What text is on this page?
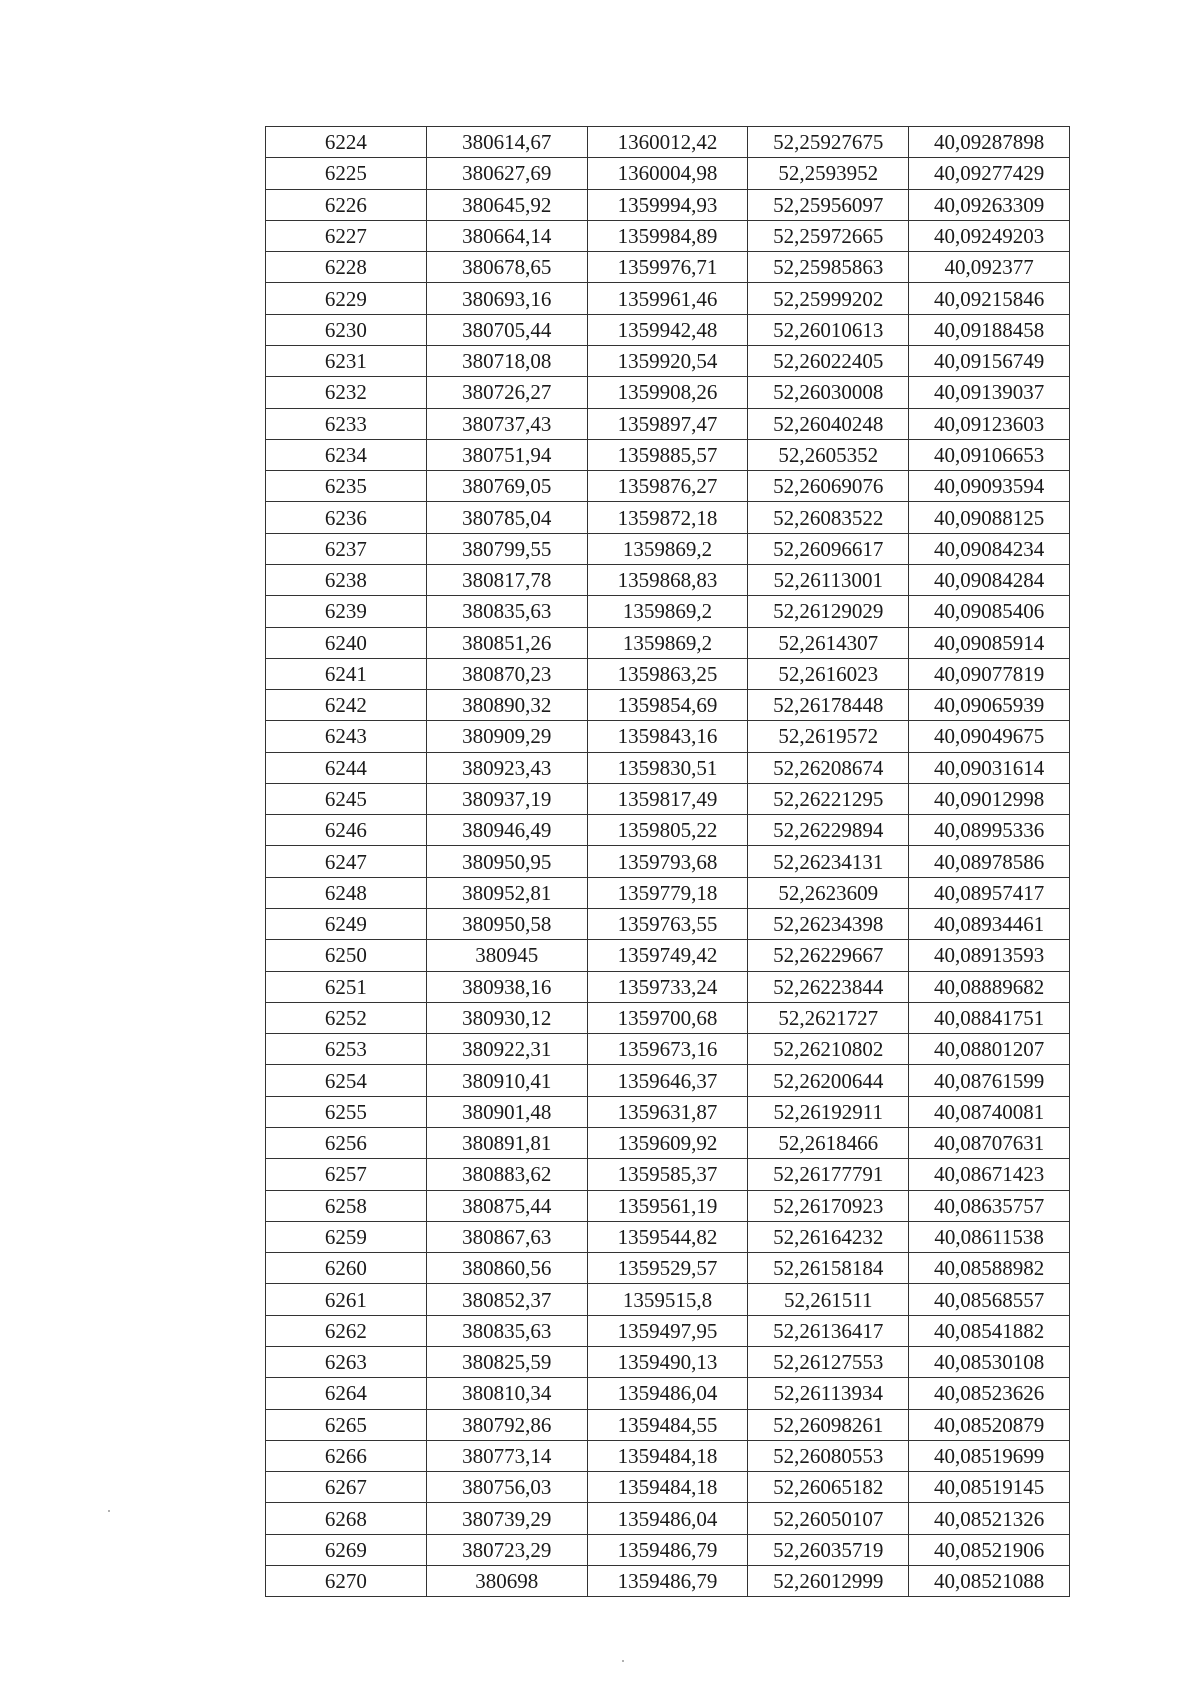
6224	380614,67	1360012,42	52,25927675	40,09287898
6225	380627,69	1360004,98	52,2593952	40,09277429
6226	380645,92	1359994,93	52,25956097	40,09263309
6227	380664,14	1359984,89	52,25972665	40,09249203
6228	380678,65	1359976,71	52,25985863	40,092377
6229	380693,16	1359961,46	52,25999202	40,09215846
6230	380705,44	1359942,48	52,26010613	40,09188458
6231	380718,08	1359920,54	52,26022405	40,09156749
6232	380726,27	1359908,26	52,26030008	40,09139037
6233	380737,43	1359897,47	52,26040248	40,09123603
6234	380751,94	1359885,57	52,2605352	40,09106653
6235	380769,05	1359876,27	52,26069076	40,09093594
6236	380785,04	1359872,18	52,26083522	40,09088125
6237	380799,55	1359869,2	52,26096617	40,09084234
6238	380817,78	1359868,83	52,26113001	40,09084284
6239	380835,63	1359869,2	52,26129029	40,09085406
6240	380851,26	1359869,2	52,2614307	40,09085914
6241	380870,23	1359863,25	52,2616023	40,09077819
6242	380890,32	1359854,69	52,26178448	40,09065939
6243	380909,29	1359843,16	52,2619572	40,09049675
6244	380923,43	1359830,51	52,26208674	40,09031614
6245	380937,19	1359817,49	52,26221295	40,09012998
6246	380946,49	1359805,22	52,26229894	40,08995336
6247	380950,95	1359793,68	52,26234131	40,08978586
6248	380952,81	1359779,18	52,2623609	40,08957417
6249	380950,58	1359763,55	52,26234398	40,08934461
6250	380945	1359749,42	52,26229667	40,08913593
6251	380938,16	1359733,24	52,26223844	40,08889682
6252	380930,12	1359700,68	52,2621727	40,08841751
6253	380922,31	1359673,16	52,26210802	40,08801207
6254	380910,41	1359646,37	52,26200644	40,08761599
6255	380901,48	1359631,87	52,26192911	40,08740081
6256	380891,81	1359609,92	52,2618466	40,08707631
6257	380883,62	1359585,37	52,26177791	40,08671423
6258	380875,44	1359561,19	52,26170923	40,08635757
6259	380867,63	1359544,82	52,26164232	40,08611538
6260	380860,56	1359529,57	52,26158184	40,08588982
6261	380852,37	1359515,8	52,261511	40,08568557
6262	380835,63	1359497,95	52,26136417	40,08541882
6263	380825,59	1359490,13	52,26127553	40,08530108
6264	380810,34	1359486,04	52,26113934	40,08523626
6265	380792,86	1359484,55	52,26098261	40,08520879
6266	380773,14	1359484,18	52,26080553	40,08519699
6267	380756,03	1359484,18	52,26065182	40,08519145
6268	380739,29	1359486,04	52,26050107	40,08521326
6269	380723,29	1359486,79	52,26035719	40,08521906
6270	380698	1359486,79	52,26012999	40,08521088
